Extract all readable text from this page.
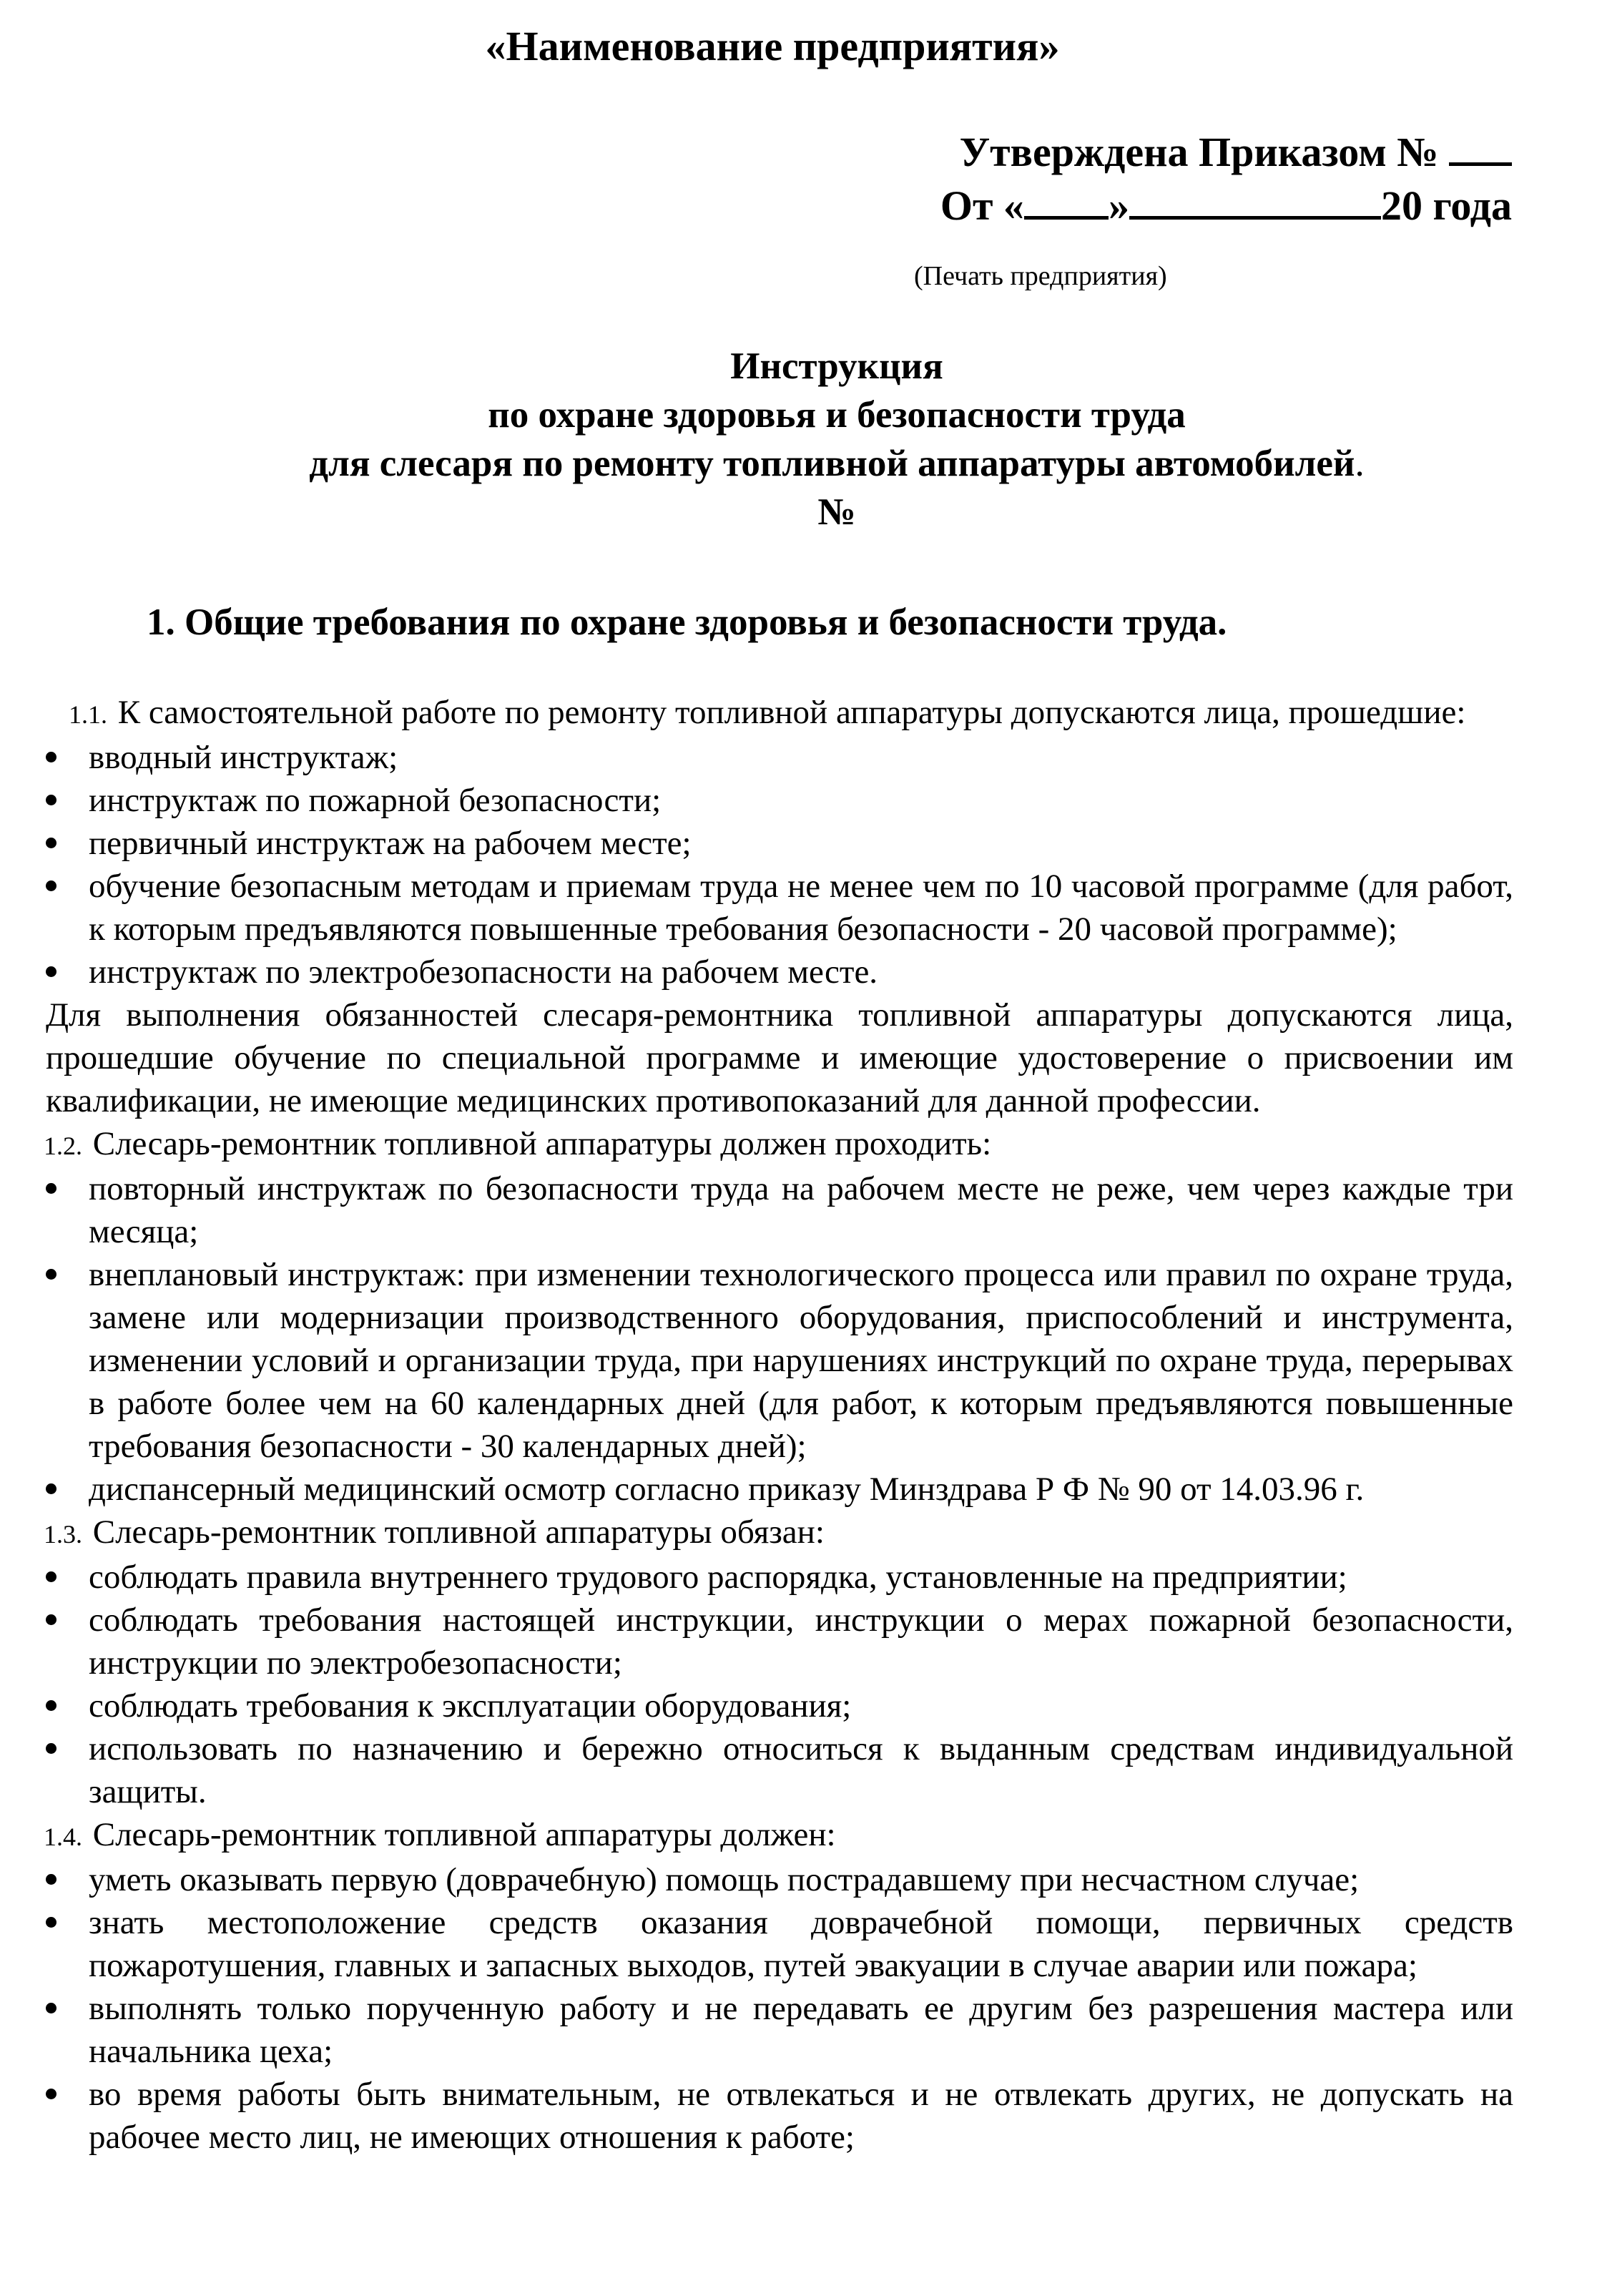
«Наименование предприятия»
Утверждена Приказом №
От « »	20 года
(Печать предприятия)
Инструкция
по охране здоровья и безопасности труда
для слесаря по ремонту топливной аппаратуры автомобилей.
№
1. Общие требования по охране здоровья и безопасности труда.
1.1. К самостоятельной работе по ремонту топливной аппаратуры допускаются лица, прошедшие:
вводный инструктаж;
инструктаж по пожарной безопасности;
первичный инструктаж на рабочем месте;
обучение безопасным методам и приемам труда не менее чем по 10 часовой программе (для работ, к которым предъявляются повышенные требования безопасности - 20 часовой программе);
инструктаж по электробезопасности на рабочем месте.
Для выполнения обязанностей слесаря-ремонтника топливной аппаратуры допускаются лица, прошедшие обучение по специальной программе и имеющие удостоверение о присвоении им квалификации, не имеющие медицинских противопоказаний для данной профессии.
1.2. Слесарь-ремонтник топливной аппаратуры должен проходить:
повторный инструктаж по безопасности труда на рабочем месте не реже, чем через каждые три месяца;
внеплановый инструктаж: при изменении технологического процесса или правил по охране труда, замене или модернизации производственного оборудования, приспособлений и инструмента, изменении условий и организации труда, при нарушениях инструкций по охране труда, перерывах в работе более чем на 60 календарных дней (для работ, к которым предъявляются повышенные требования безопасности - 30 календарных дней);
диспансерный медицинский осмотр согласно приказу Минздрава Р Ф № 90 от 14.03.96 г.
1.3. Слесарь-ремонтник топливной аппаратуры обязан:
соблюдать правила внутреннего трудового распорядка, установленные на предприятии;
соблюдать требования настоящей инструкции, инструкции о мерах пожарной безопасности, инструкции по электробезопасности;
соблюдать требования к эксплуатации оборудования;
использовать по назначению и бережно относиться к выданным средствам индивидуальной защиты.
1.4. Слесарь-ремонтник топливной аппаратуры должен:
уметь оказывать первую (доврачебную) помощь пострадавшему при несчастном случае;
знать местоположение средств оказания доврачебной помощи, первичных средств пожаротушения, главных и запасных выходов, путей эвакуации в случае аварии или пожара;
выполнять только порученную работу и не передавать ее другим без разрешения мастера или начальника цеха;
во время работы быть внимательным, не отвлекаться и не отвлекать других, не допускать на рабочее место лиц, не имеющих отношения к работе;
